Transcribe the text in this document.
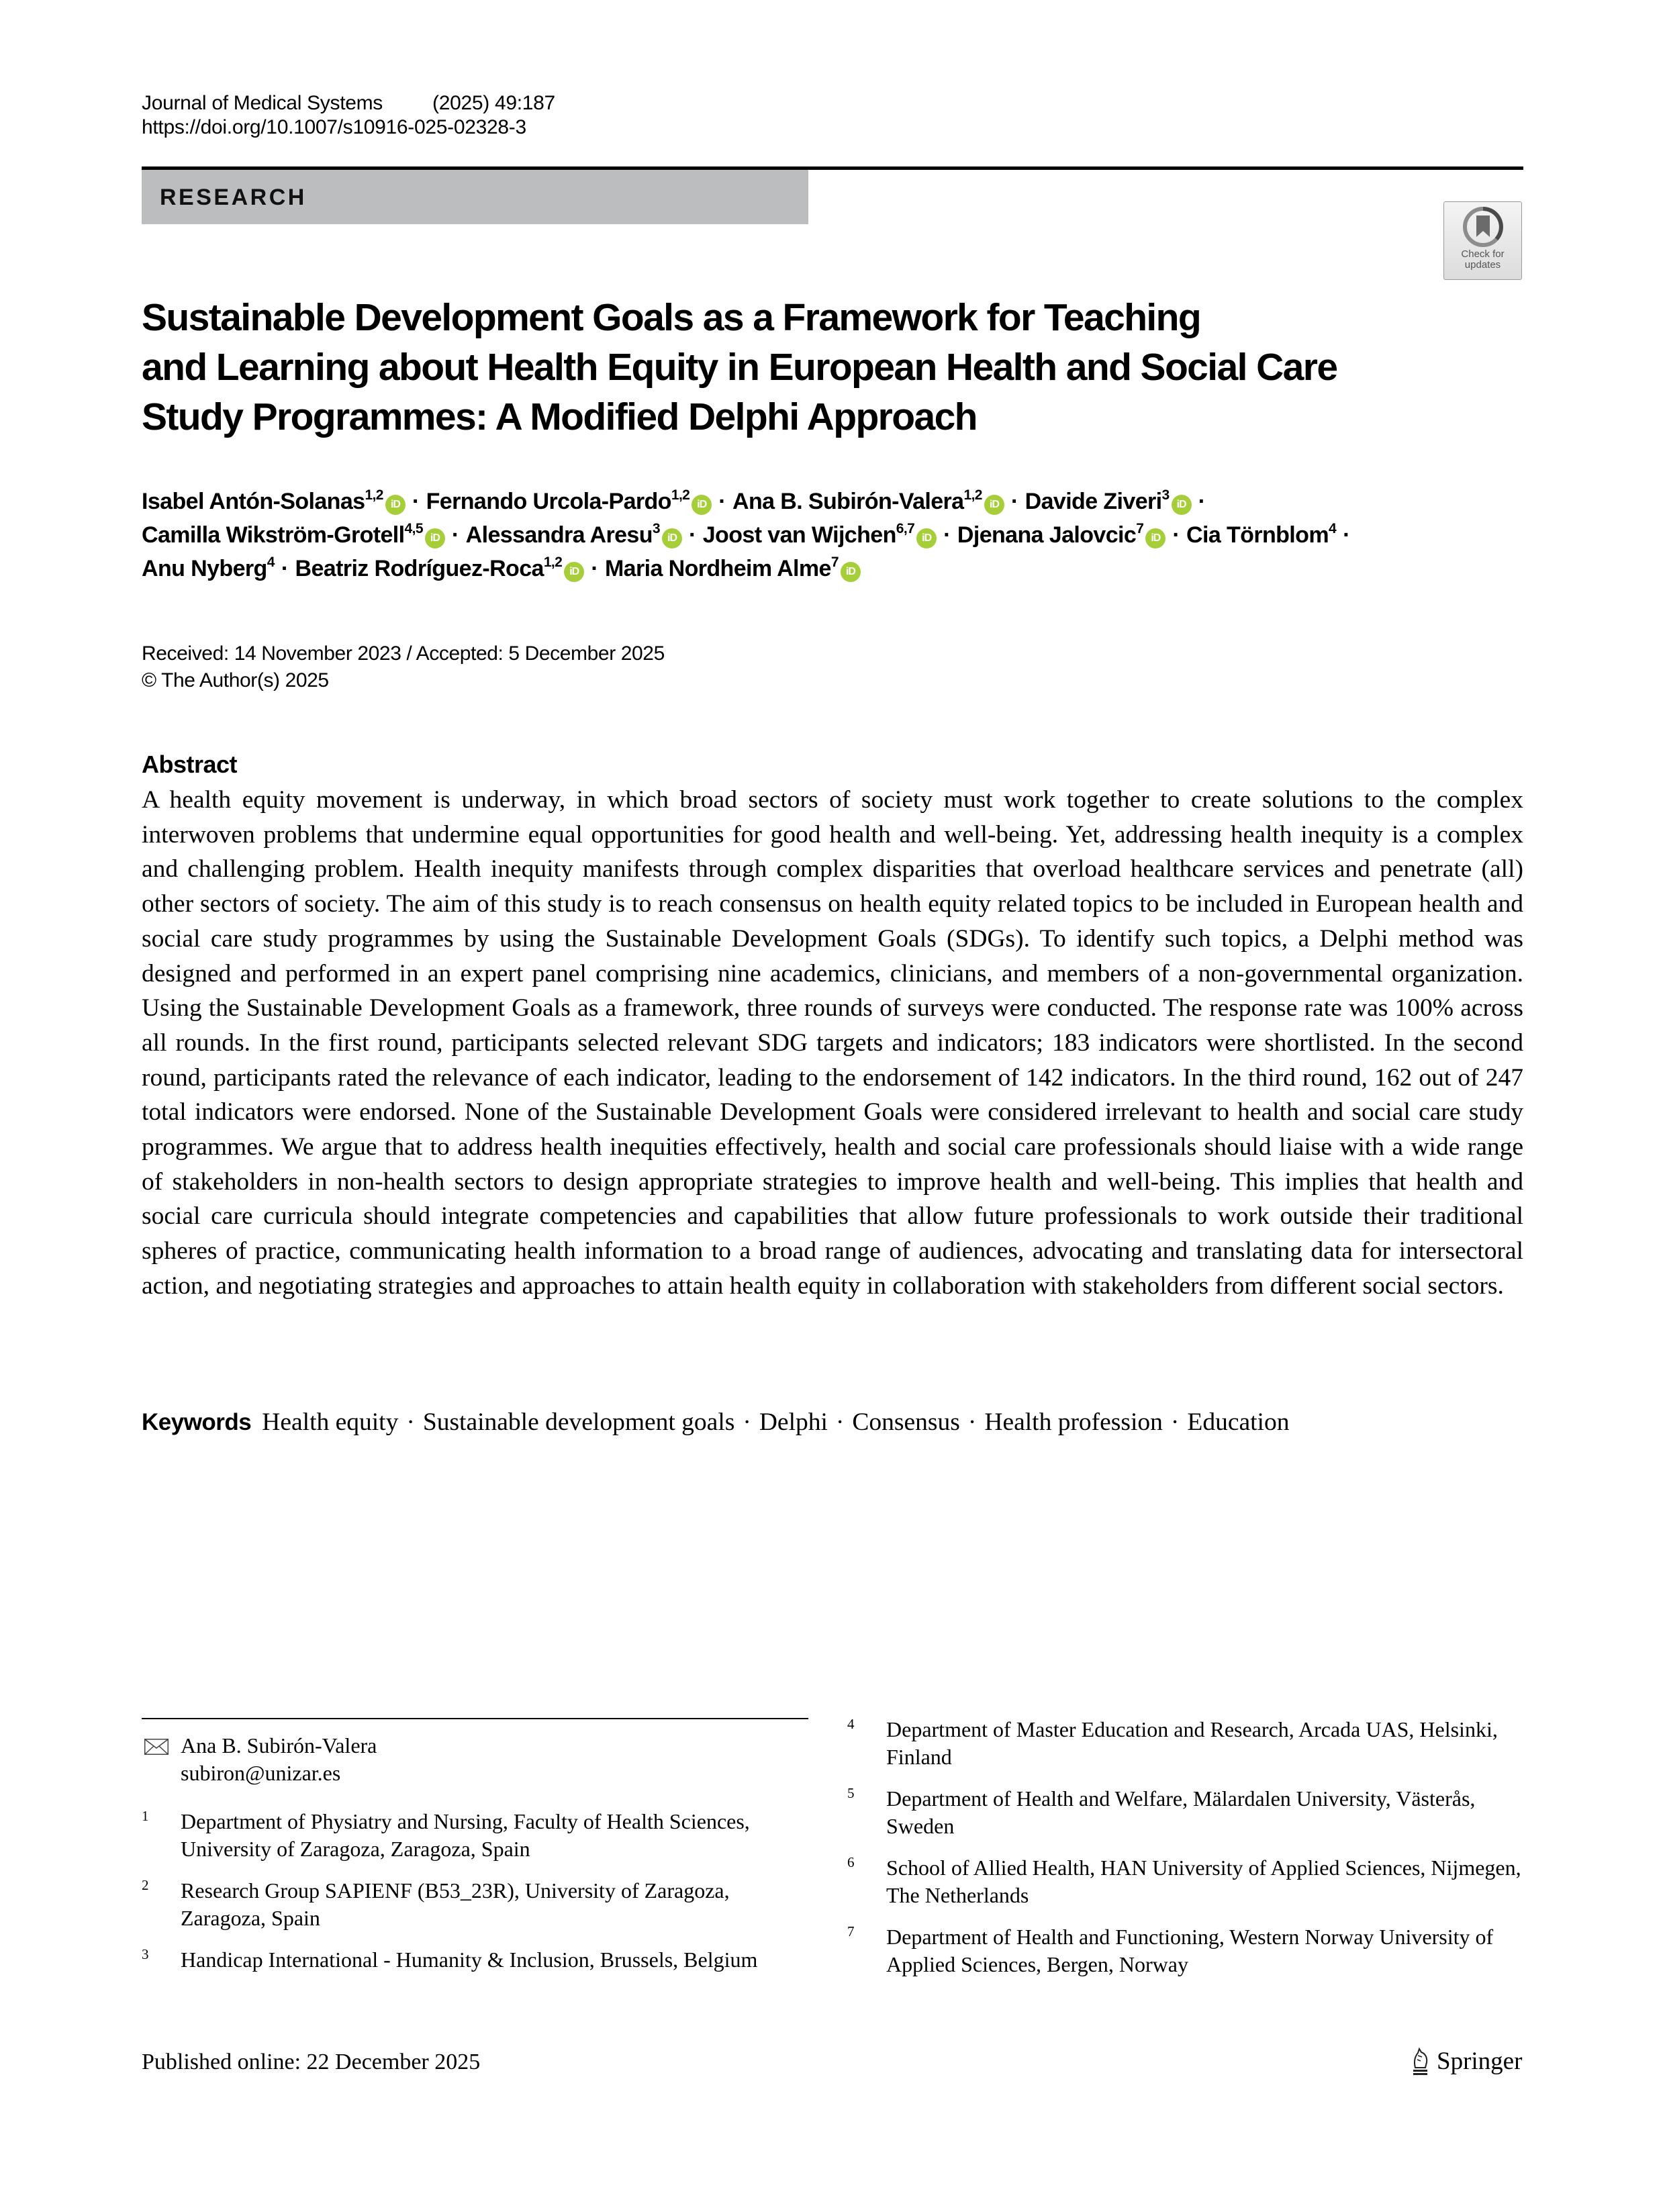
Journal of Medical Systems (2025) 49:187
https://doi.org/10.1007/s10916-025-02328-3
RESEARCH
Check for
updates
Sustainable Development Goals as a Framework for Teaching
and Learning about Health Equity in European Health and Social Care
Study Programmes: A Modified Delphi Approach
Isabel Antón-Solanas$^{1,2}$iD · Fernando Urcola-Pardo$^{1,2}$iD · Ana B. Subirón-Valera$^{1,2}$iD · Davide Ziveri$^3$iD ·
Camilla Wikström-Grotell$^{4,5}$iD · Alessandra Aresu$^3$iD · Joost van Wijchen$^{6,7}$iD · Djenana Jalovcic$^7$iD · Cia Törnblom$^4$ ·
Anu Nyberg$^4$ · Beatriz Rodríguez-Roca$^{1,2}$iD · Maria Nordheim Alme$^7$iD
Received: 14 November 2023 / Accepted: 5 December 2025
© The Author(s) 2025
Abstract

A health equity movement is underway, in which broad sectors of society must work together to create solutions to the complex interwoven problems that undermine equal opportunities for good health and well-being. Yet, addressing health inequity is a complex and challenging problem. Health inequity manifests through complex disparities that overload healthcare services and penetrate (all) other sectors of society. The aim of this study is to reach consensus on health equity related topics to be included in European health and social care study programmes by using the Sustainable Development Goals (SDGs). To identify such topics, a Delphi method was designed and performed in an expert panel comprising nine academics, clinicians, and members of a non-governmental organization. Using the Sustainable Development Goals as a framework, three rounds of surveys were conducted. The response rate was 100% across all rounds. In the first round, participants selected relevant SDG targets and indicators; 183 indicators were shortlisted. In the second round, participants rated the relevance of each indicator, leading to the endorsement of 142 indicators. In the third round, 162 out of 247 total indicators were endorsed. None of the Sustainable Development Goals were considered irrelevant to health and social care study programmes. We argue that to address health inequities effectively, health and social care professionals should liaise with a wide range of stakeholders in non-health sectors to design appropriate strategies to improve health and well-being. This implies that health and social care curricula should integrate competencies and capabilities that allow future professionals to work outside their traditional spheres of practice, communicating health information to a broad range of audiences, advocating and translating data for intersectoral action, and negotiating strategies and approaches to attain health equity in collaboration with stakeholders from different social sectors.

Keywords Health equity · Sustainable development goals · Delphi · Consensus · Health profession · Education
Ana B. Subirón-Valera
subiron@unizar.es
1 Department of Physiatry and Nursing, Faculty of Health Sciences, University of Zaragoza, Zaragoza, Spain
2 Research Group SAPIENF (B53_23R), University of Zaragoza, Zaragoza, Spain
3 Handicap International - Humanity & Inclusion, Brussels, Belgium
4 Department of Master Education and Research, Arcada UAS, Helsinki, Finland
5 Department of Health and Welfare, Mälardalen University, Västerås, Sweden
6 School of Allied Health, HAN University of Applied Sciences, Nijmegen, The Netherlands
7 Department of Health and Functioning, Western Norway University of Applied Sciences, Bergen, Norway
Published online: 22 December 2025	Springer
